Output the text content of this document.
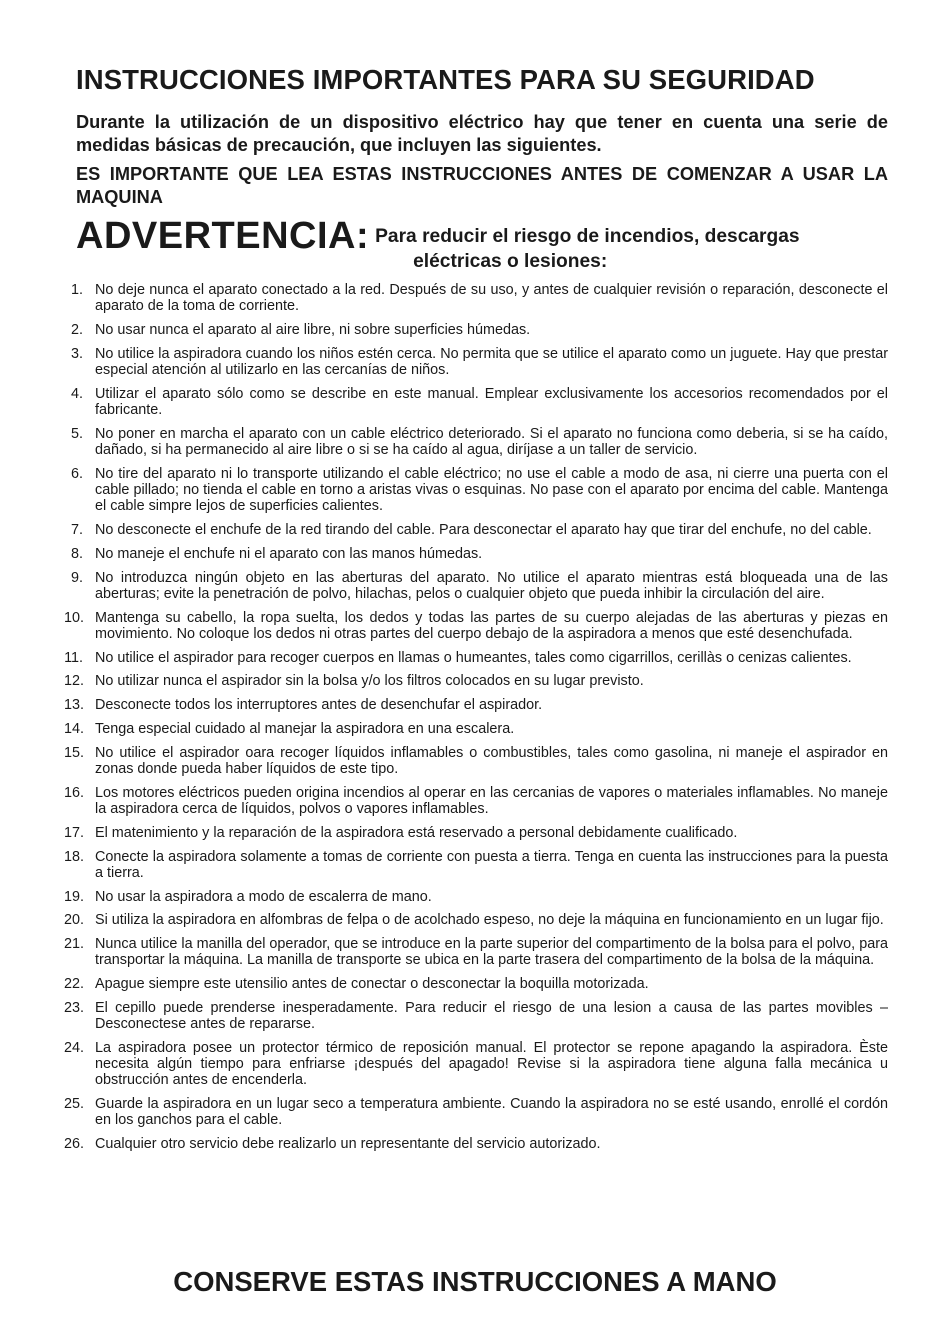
INSTRUCCIONES IMPORTANTES PARA SU SEGURIDAD

Durante la utilización de un dispositivo eléctrico hay que tener en cuenta una serie de medidas básicas de precaución, que incluyen las siguientes.

ES IMPORTANTE QUE LEA ESTAS INSTRUCCIONES ANTES DE COMENZAR A USAR LA MAQUINA

ADVERTENCIA: Para reducir el riesgo de incendios, descargas
eléctricas o lesiones:
1. No deje nunca el aparato conectado a la red. Después de su uso, y antes de cualquier revisión o reparación, desconecte el aparato de la toma de corriente.
2. No usar nunca el aparato al aire libre, ni sobre superficies húmedas.
3. No utilice la aspiradora cuando los niños estén cerca. No permita que se utilice el aparato como un juguete. Hay que prestar especial atención al utilizarlo en las cercanías de niños.
4. Utilizar el aparato sólo como se describe en este manual. Emplear exclusivamente los accesorios recomendados por el fabricante.
5. No poner en marcha el aparato con un cable eléctrico deteriorado. Si el aparato no funciona como deberia, si se ha caído, dañado, si ha permanecido al aire libre o si se ha caído al agua, diríjase a un taller de servicio.
6. No tire del aparato ni lo transporte utilizando el cable eléctrico; no use el cable a modo de asa, ni cierre una puerta con el cable pillado; no tienda el cable en torno a aristas vivas o esquinas. No pase con el aparato por encima del cable. Mantenga el cable simpre lejos de superficies calientes.
7. No desconecte el enchufe de la red tirando del cable. Para desconectar el aparato hay que tirar del enchufe, no del cable.
8. No maneje el enchufe ni el aparato con las manos húmedas.
9. No introduzca ningún objeto en las aberturas del aparato. No utilice el aparato mientras está bloqueada una de las aberturas; evite la penetración de polvo, hilachas, pelos o cualquier objeto que pueda inhibir la circulación del aire.
10. Mantenga su cabello, la ropa suelta, los dedos y todas las partes de su cuerpo alejadas de las aberturas y piezas en movimiento. No coloque los dedos ni otras partes del cuerpo debajo de la aspiradora a menos que esté desenchufada.
11. No utilice el aspirador para recoger cuerpos en llamas o humeantes, tales como cigarrillos, cerillàs o cenizas calientes.
12. No utilizar nunca el aspirador sin la bolsa y/o los filtros colocados en su lugar previsto.
13. Desconecte todos los interruptores antes de desenchufar el aspirador.
14. Tenga especial cuidado al manejar la aspiradora en una escalera.
15. No utilice el aspirador oara recoger líquidos inflamables o combustibles, tales como gasolina, ni maneje el aspirador en zonas donde pueda haber líquidos de este tipo.
16. Los motores eléctricos pueden origina incendios al operar en las cercanias de vapores o materiales inflamables. No maneje la aspiradora cerca de líquidos, polvos o vapores inflamables.
17. El matenimiento y la reparación de la aspiradora está reservado a personal debidamente cualificado.
18. Conecte la aspiradora solamente a tomas de corriente con puesta a tierra. Tenga en cuenta las instrucciones para la puesta a tierra.
19. No usar la aspiradora a modo de escalerra de mano.
20. Si utiliza la aspiradora en alfombras de felpa o de acolchado espeso, no deje la máquina en funcionamiento en un lugar fijo.
21. Nunca utilice la manilla del operador, que se introduce en la parte superior del compartimento de la bolsa para el polvo, para transportar la máquina. La manilla de transporte se ubica en la parte trasera del compartimento de la bolsa de la máquina.
22. Apague siempre este utensilio antes de conectar o desconectar la boquilla motorizada.
23. El cepillo puede prenderse inesperadamente. Para reducir el riesgo de una lesion a causa de las partes movibles – Desconectese antes de repararse.
24. La aspiradora posee un protector térmico de reposición manual. El protector se repone apagando la aspiradora. Èste necesita algún tiempo para enfriarse ¡después del apagado! Revise si la aspiradora tiene alguna falla mecánica u obstrucción antes de encenderla.
25. Guarde la aspiradora en un lugar seco a temperatura ambiente. Cuando la aspiradora no se esté usando, enrollé el cordón en los ganchos para el cable.
26. Cualquier otro servicio debe realizarlo un representante del servicio autorizado.
CONSERVE ESTAS INSTRUCCIONES A MANO
